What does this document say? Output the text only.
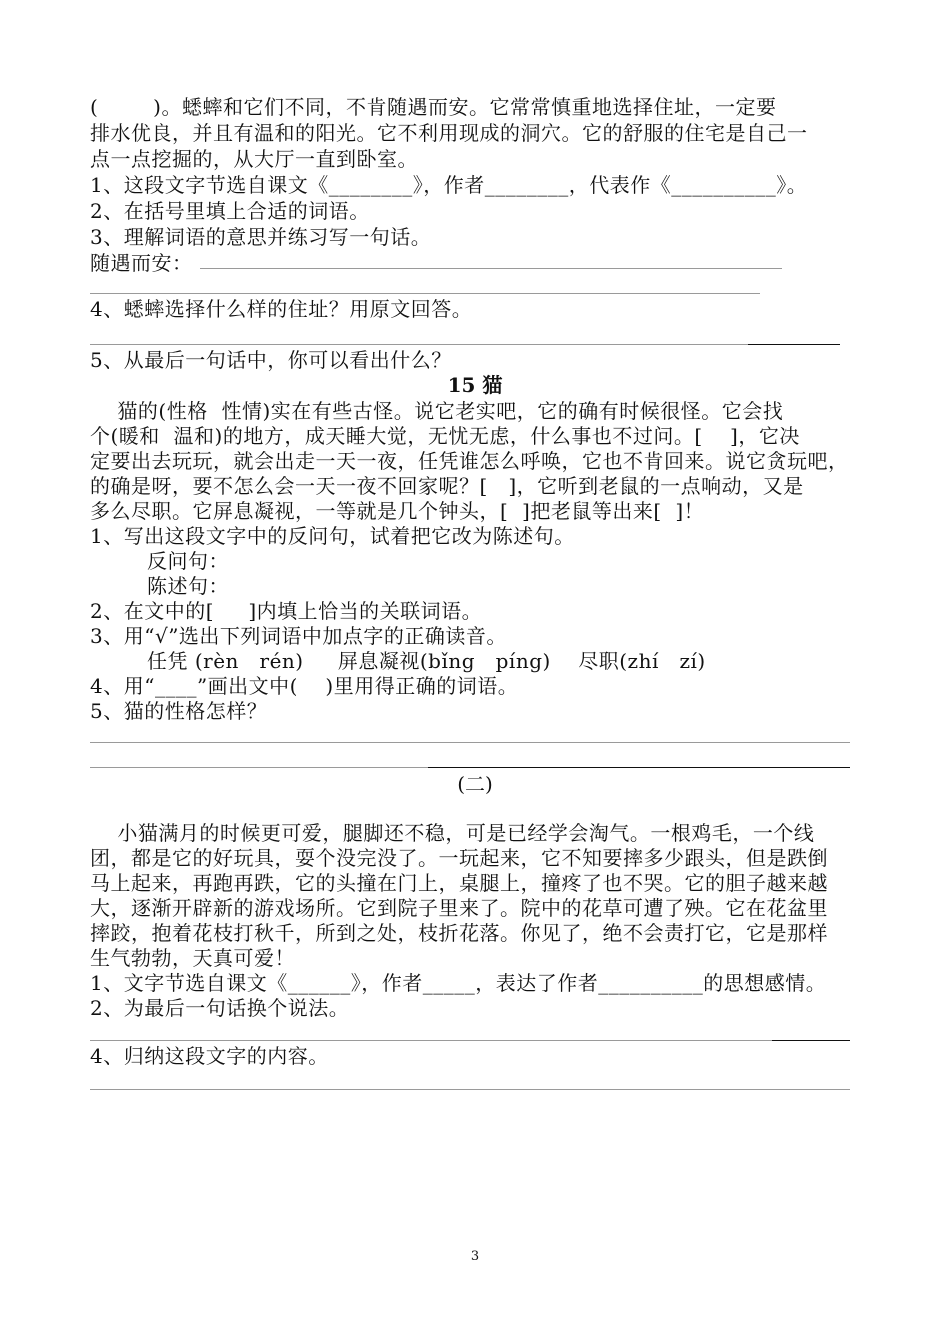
(        )。蟋蟀和它们不同，不肯随遇而安。它常常慎重地选择住址，一定要
排水优良，并且有温和的阳光。它不利用现成的洞穴。它的舒服的住宅是自己一
点一点挖掘的，从大厅一直到卧室。
1、这段文字节选自课文《________》，作者________，代表作《__________》。
2、在括号里填上合适的词语。
3、理解词语的意思并练习写一句话。
随遇而安：
4、蟋蟀选择什么样的住址？用原文回答。
5、从最后一句话中，你可以看出什么？
15 猫
猫的(性格  性情)实在有些古怪。说它老实吧，它的确有时候很怪。它会找
个(暖和  温和)的地方，成天睡大觉，无忧无虑，什么事也不过问。[    ]，它决
定要出去玩玩，就会出走一天一夜，任凭谁怎么呼唤，它也不肯回来。说它贪玩吧，
的确是呀，要不怎么会一天一夜不回家呢？[   ]，它听到老鼠的一点响动，又是
多么尽职。它屏息凝视，一等就是几个钟头，[  ]把老鼠等出来[  ]！
1、写出这段文字中的反问句，试着把它改为陈述句。
反问句：
陈述句：
2、在文中的[     ]内填上恰当的关联词语。
3、用“√”选出下列词语中加点字的正确读音。
任凭 (rèn   rén)     屏息凝视(bǐng   píng)    尽职(zhí   zí)
4、用“____”画出文中(    )里用得正确的词语。
5、猫的性格怎样？
(二)
小猫满月的时候更可爱，腿脚还不稳，可是已经学会淘气。一根鸡毛，一个线
团，都是它的好玩具，耍个没完没了。一玩起来，它不知要摔多少跟头，但是跌倒
马上起来，再跑再跌，它的头撞在门上，桌腿上，撞疼了也不哭。它的胆子越来越
大，逐渐开辟新的游戏场所。它到院子里来了。院中的花草可遭了殃。它在花盆里
摔跤，抱着花枝打秋千，所到之处，枝折花落。你见了，绝不会责打它，它是那样
生气勃勃，天真可爱！
1、文字节选自课文《______》，作者_____，表达了作者__________的思想感情。
2、为最后一句话换个说法。
4、归纳这段文字的内容。
3
